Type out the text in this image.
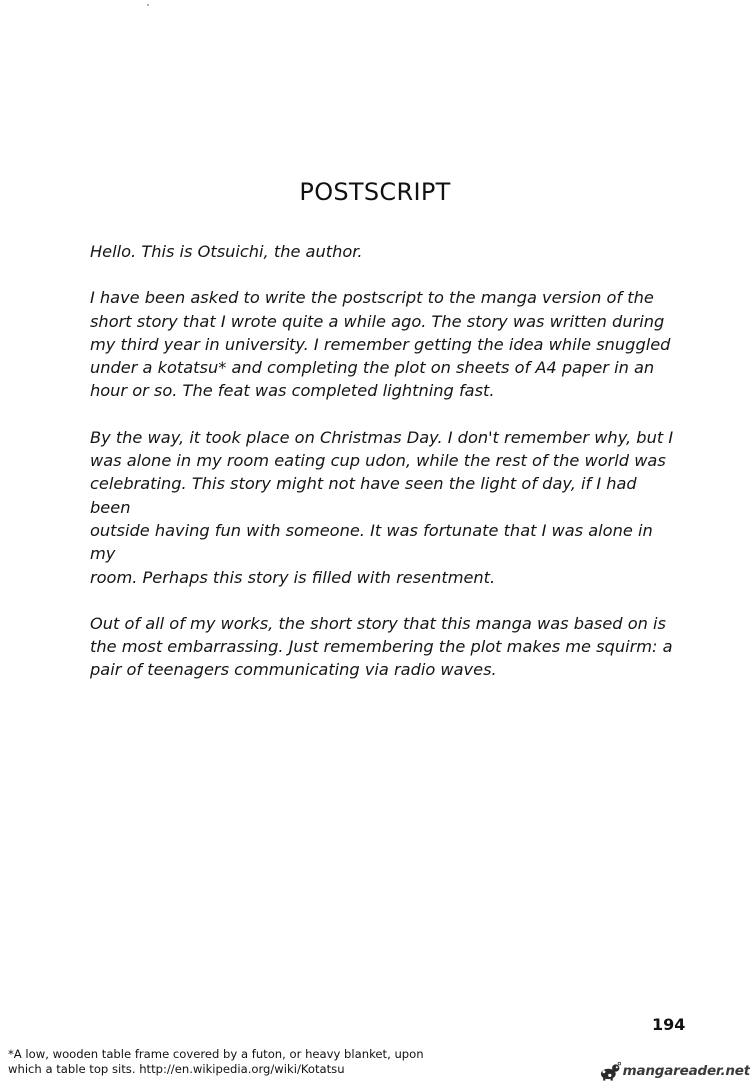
POSTSCRIPT

Hello. This is Otsuichi, the author.

I have been asked to write the postscript to the manga version of the
short story that I wrote quite a while ago. The story was written during
my third year in university. I remember getting the idea while snuggled
under a kotatsu* and completing the plot on sheets of A4 paper in an
hour or so. The feat was completed lightning fast.

By the way, it took place on Christmas Day. I don't remember why, but I
was alone in my room eating cup udon, while the rest of the world was
celebrating. This story might not have seen the light of day, if I had been
outside having fun with someone. It was fortunate that I was alone in my
room. Perhaps this story is filled with resentment.

Out of all of my works, the short story that this manga was based on is
the most embarrassing. Just remembering the plot makes me squirm: a
pair of teenagers communicating via radio waves.

194
*A low, wooden table frame covered by a futon, or heavy blanket, upon
which a table top sits. http://en.wikipedia.org/wiki/Kotatsu	mangareader.net
